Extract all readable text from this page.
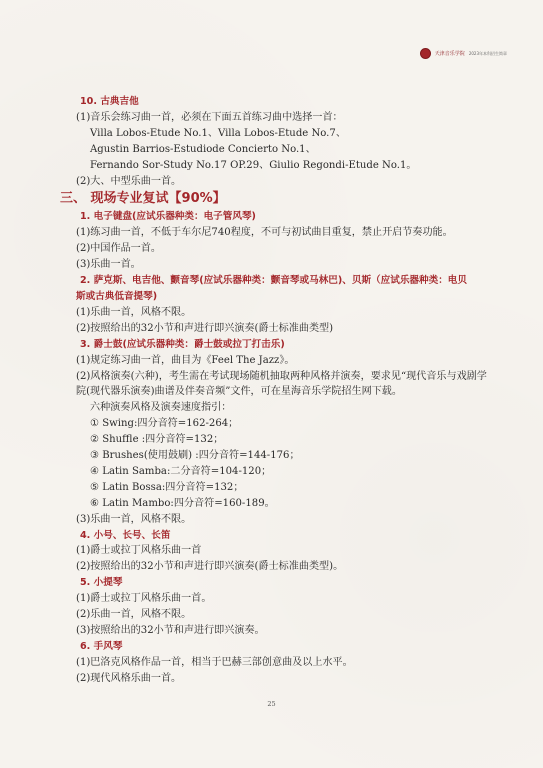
天津音乐学院 2023年本科招生简章
10. 古典吉他
(1)音乐会练习曲一首，必须在下面五首练习曲中选择一首：
Villa Lobos-Etude No.1、Villa Lobos-Etude No.7、
Agustin Barrios-Estudiode Concierto No.1、
Fernando Sor-Study No.17 OP.29、Giulio Regondi-Etude No.1。
(2)大、中型乐曲一首。
三、 现场专业复试【90%】
1. 电子键盘(应试乐器种类：电子管风琴)
(1)练习曲一首，不低于车尔尼740程度，不可与初试曲目重复，禁止开启节奏功能。
(2)中国作品一首。
(3)乐曲一首。
2. 萨克斯、电吉他、颤音琴(应试乐器种类：颤音琴或马林巴)、贝斯（应试乐器种类：电贝
斯或古典低音提琴)
(1)乐曲一首，风格不限。
(2)按照给出的32小节和声进行即兴演奏(爵士标准曲类型)
3. 爵士鼓(应试乐器种类：爵士鼓或拉丁打击乐)
(1)规定练习曲一首，曲目为《Feel The Jazz》。
(2)风格演奏(六种)，考生需在考试现场随机抽取两种风格并演奏，要求见“现代音乐与戏剧学
院(现代器乐演奏)曲谱及伴奏音频”文件，可在星海音乐学院招生网下载。
六种演奏风格及演奏速度指引：
① Swing:四分音符=162-264；
② Shuffle :四分音符=132；
③ Brushes(使用鼓刷) :四分音符=144-176；
④ Latin Samba:二分音符=104-120；
⑤ Latin Bossa:四分音符=132；
⑥ Latin Mambo:四分音符=160-189。
(3)乐曲一首，风格不限。
4. 小号、长号、长笛
(1)爵士或拉丁风格乐曲一首
(2)按照给出的32小节和声进行即兴演奏(爵士标准曲类型)。
5. 小提琴
(1)爵士或拉丁风格乐曲一首。
(2)乐曲一首，风格不限。
(3)按照给出的32小节和声进行即兴演奏。
6. 手风琴
(1)巴洛克风格作品一首，相当于巴赫三部创意曲及以上水平。
(2)现代风格乐曲一首。
25
